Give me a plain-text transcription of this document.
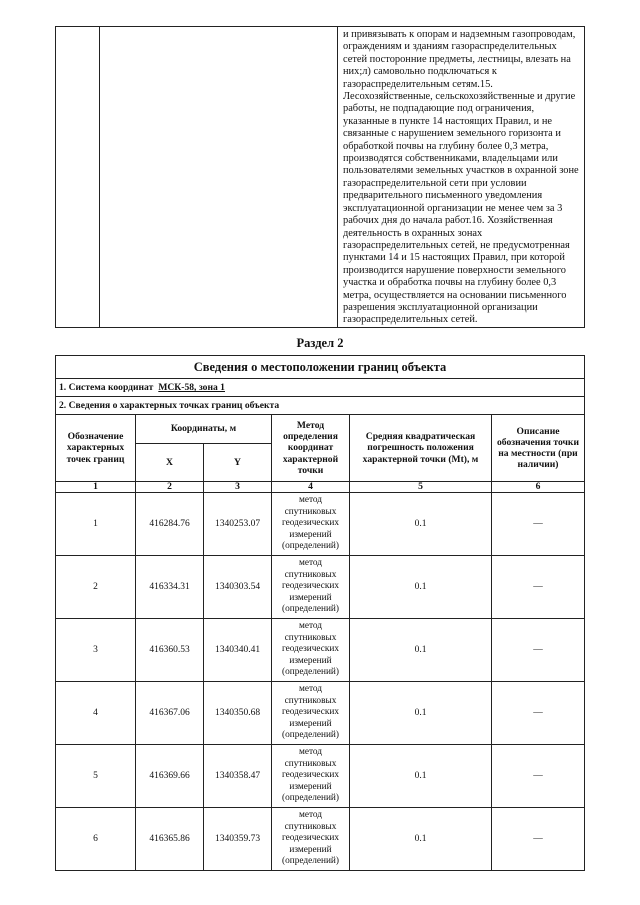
и привязывать к опорам и надземным газопроводам, ограждениям и зданиям газораспределительных сетей посторонние предметы, лестницы, влезать на них;л) самовольно подключаться к газораспределительным сетям.15. Лесохозяйственные, сельскохозяйственные и другие работы, не подпадающие под ограничения, указанные в пункте 14 настоящих Правил, и не связанные с нарушением земельного горизонта и обработкой почвы на глубину более 0,3 метра, производятся собственниками, владельцами или пользователями земельных участков в охранной зоне газораспределительной сети при условии предварительного письменного уведомления эксплуатационной организации не менее чем за 3 рабочих дня до начала работ.16. Хозяйственная деятельность в охранных зонах газораспределительных сетей, не предусмотренная пунктами 14 и 15 настоящих Правил, при которой производится нарушение поверхности земельного участка и обработка почвы на глубину более 0,3 метра, осуществляется на основании письменного разрешения эксплуатационной организации газораспределительных сетей.
Раздел 2
Сведения о местоположении границ объекта					
1. Система координат МСК-58, зона 1					
2. Сведения о характерных точках границ объекта					
Обозначение характерных точек границ	Координаты, м		Метод определения координат характерной точки	Средняя квадратическая погрешность положения характерной точки (Mt), м	Описание обозначения точки на местности (при наличии)
	X	Y			
1	2	3	4	5	6
1	416284.76	1340253.07	метод спутниковых геодезических измерений (определений)	0.1	—
2	416334.31	1340303.54	метод спутниковых геодезических измерений (определений)	0.1	—
3	416360.53	1340340.41	метод спутниковых геодезических измерений (определений)	0.1	—
4	416367.06	1340350.68	метод спутниковых геодезических измерений (определений)	0.1	—
5	416369.66	1340358.47	метод спутниковых геодезических измерений (определений)	0.1	—
6	416365.86	1340359.73	метод спутниковых геодезических измерений (определений)	0.1	—
